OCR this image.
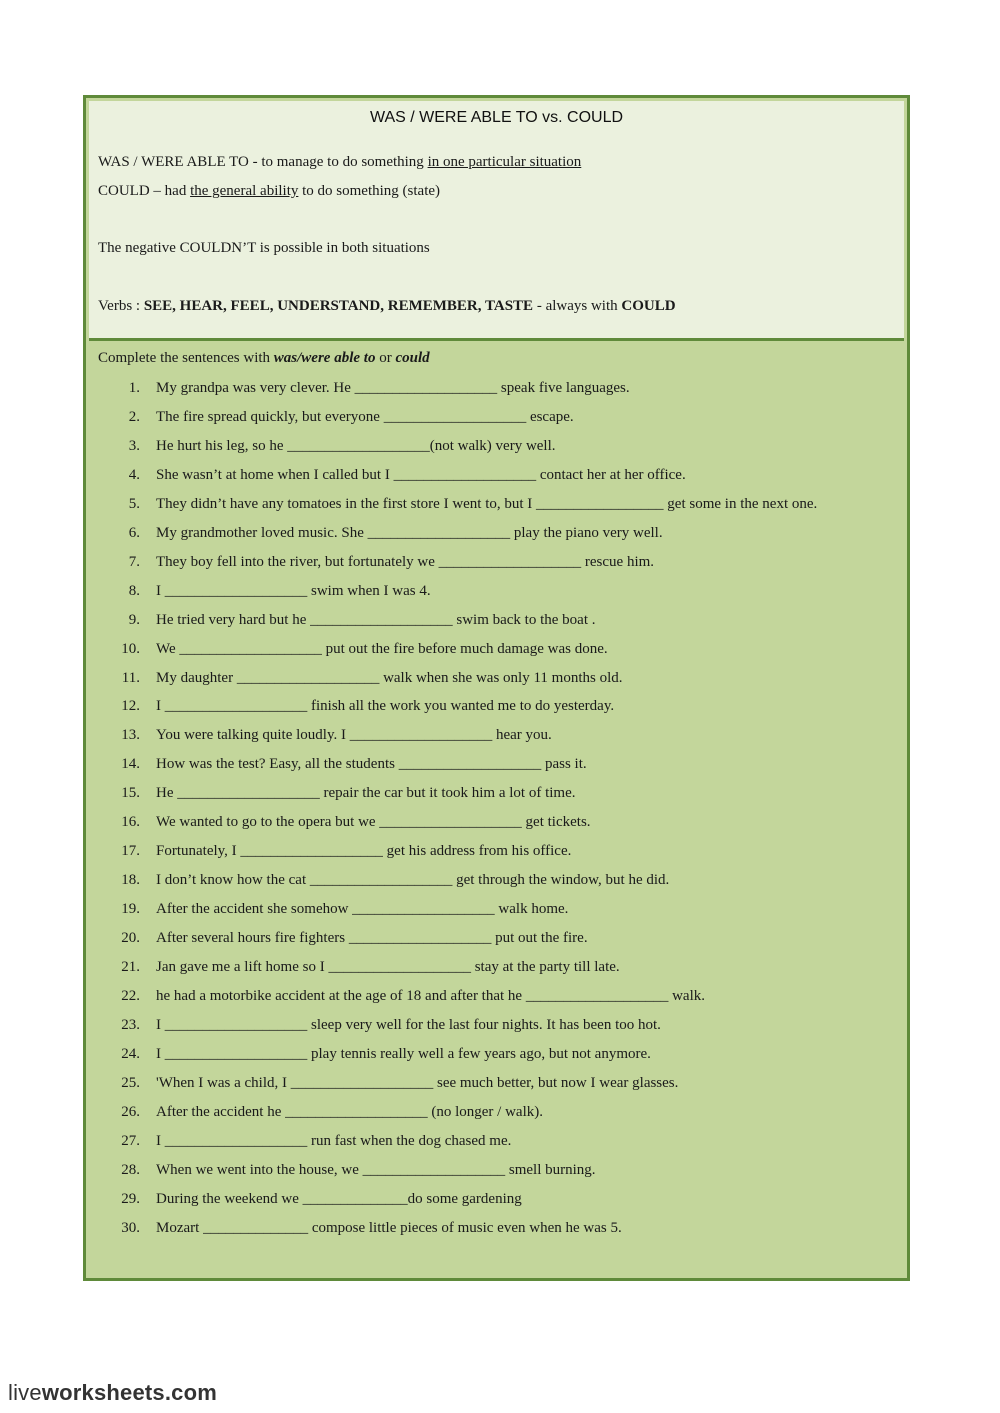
WAS / WERE ABLE TO vs. COULD
WAS / WERE ABLE TO - to manage to do something in one particular situation
COULD – had the general ability to do something (state)
The negative COULDN’T is possible in both situations
Verbs : SEE, HEAR, FEEL, UNDERSTAND, REMEMBER, TASTE - always with COULD
Complete the sentences with was/were able to or could
1. My grandpa was very clever. He ___________________ speak five languages.
2. The fire spread quickly, but everyone ___________________ escape.
3. He hurt his leg, so he ___________________(not walk) very well.
4. She wasn’t at home when I called but I ___________________ contact her at her office.
5. They didn’t have any tomatoes in the first store I went to, but I _________________ get some in the next one.
6. My grandmother loved music. She ___________________ play the piano very well.
7. They boy fell into the river, but fortunately we ___________________ rescue him.
8. I ___________________ swim when I was 4.
9. He tried very hard but he ___________________ swim back to the boat .
10. We ___________________ put out the fire before much damage was done.
11. My daughter ___________________ walk when she was only 11 months old.
12. I ___________________ finish all the work you wanted me to do yesterday.
13. You were talking quite loudly. I ___________________ hear you.
14. How was the test? Easy, all the students ___________________ pass it.
15. He ___________________ repair the car but it took him a lot of time.
16. We wanted to go to the opera but we ___________________ get tickets.
17. Fortunately, I ___________________ get his address from his office.
18. I don’t know how the cat ___________________ get through the window, but he did.
19. After the accident she somehow ___________________ walk home.
20. After several hours fire fighters ___________________ put out the fire.
21. Jan gave me a lift home so I ___________________ stay at the party till late.
22. he had a motorbike accident at the age of 18 and after that he ___________________ walk.
23. I ___________________ sleep very well for the last four nights. It has been too hot.
24. I ___________________ play tennis really well a few years ago, but not anymore.
25. 'When I was a child, I ___________________ see much better, but now I wear glasses.
26. After the accident he ___________________ (no longer / walk).
27. I ___________________ run fast when the dog chased me.
28. When we went into the house, we ___________________ smell burning.
29. During the weekend we ______________do some gardening
30. Mozart ______________ compose little pieces of music even when he was 5.
liveworksheets.com
